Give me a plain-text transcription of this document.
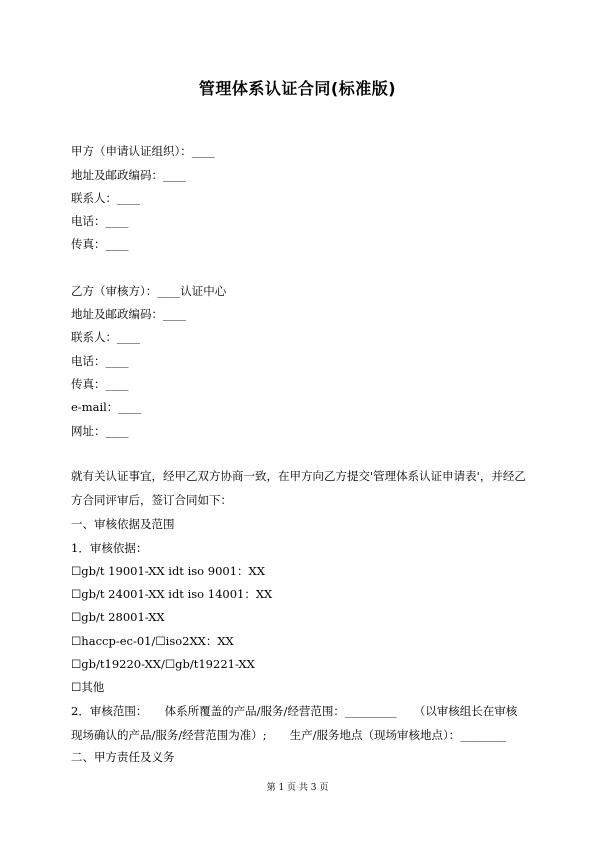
管理体系认证合同(标准版)
甲方（申请认证组织）：____
地址及邮政编码：____
联系人：____
电话：____
传真：____
乙方（审核方）：____认证中心
地址及邮政编码：____
联系人：____
电话：____
传真：____
e-mail：____
网址：____
就有关认证事宜，经甲乙双方协商一致，在甲方向乙方提交'管理体系认证申请表'，并经乙方合同评审后，签订合同如下：
一、审核依据及范围
1．审核依据：
☐gb/t 19001-XX idt iso 9001：XX
☐gb/t 24001-XX idt iso 14001：XX
☐gb/t 28001-XX
☐haccp-ec-01/☐iso2XX：XX
☐gb/t19220-XX/☐gb/t19221-XX
☐其他
2．审核范围：　　体系所覆盖的产品/服务/经营范围：_________　　（以审核组长在审核现场确认的产品/服务/经营范围为准）;　　生产/服务地点（现场审核地点）：________
二、甲方责任及义务
第 1 页 共 3 页
